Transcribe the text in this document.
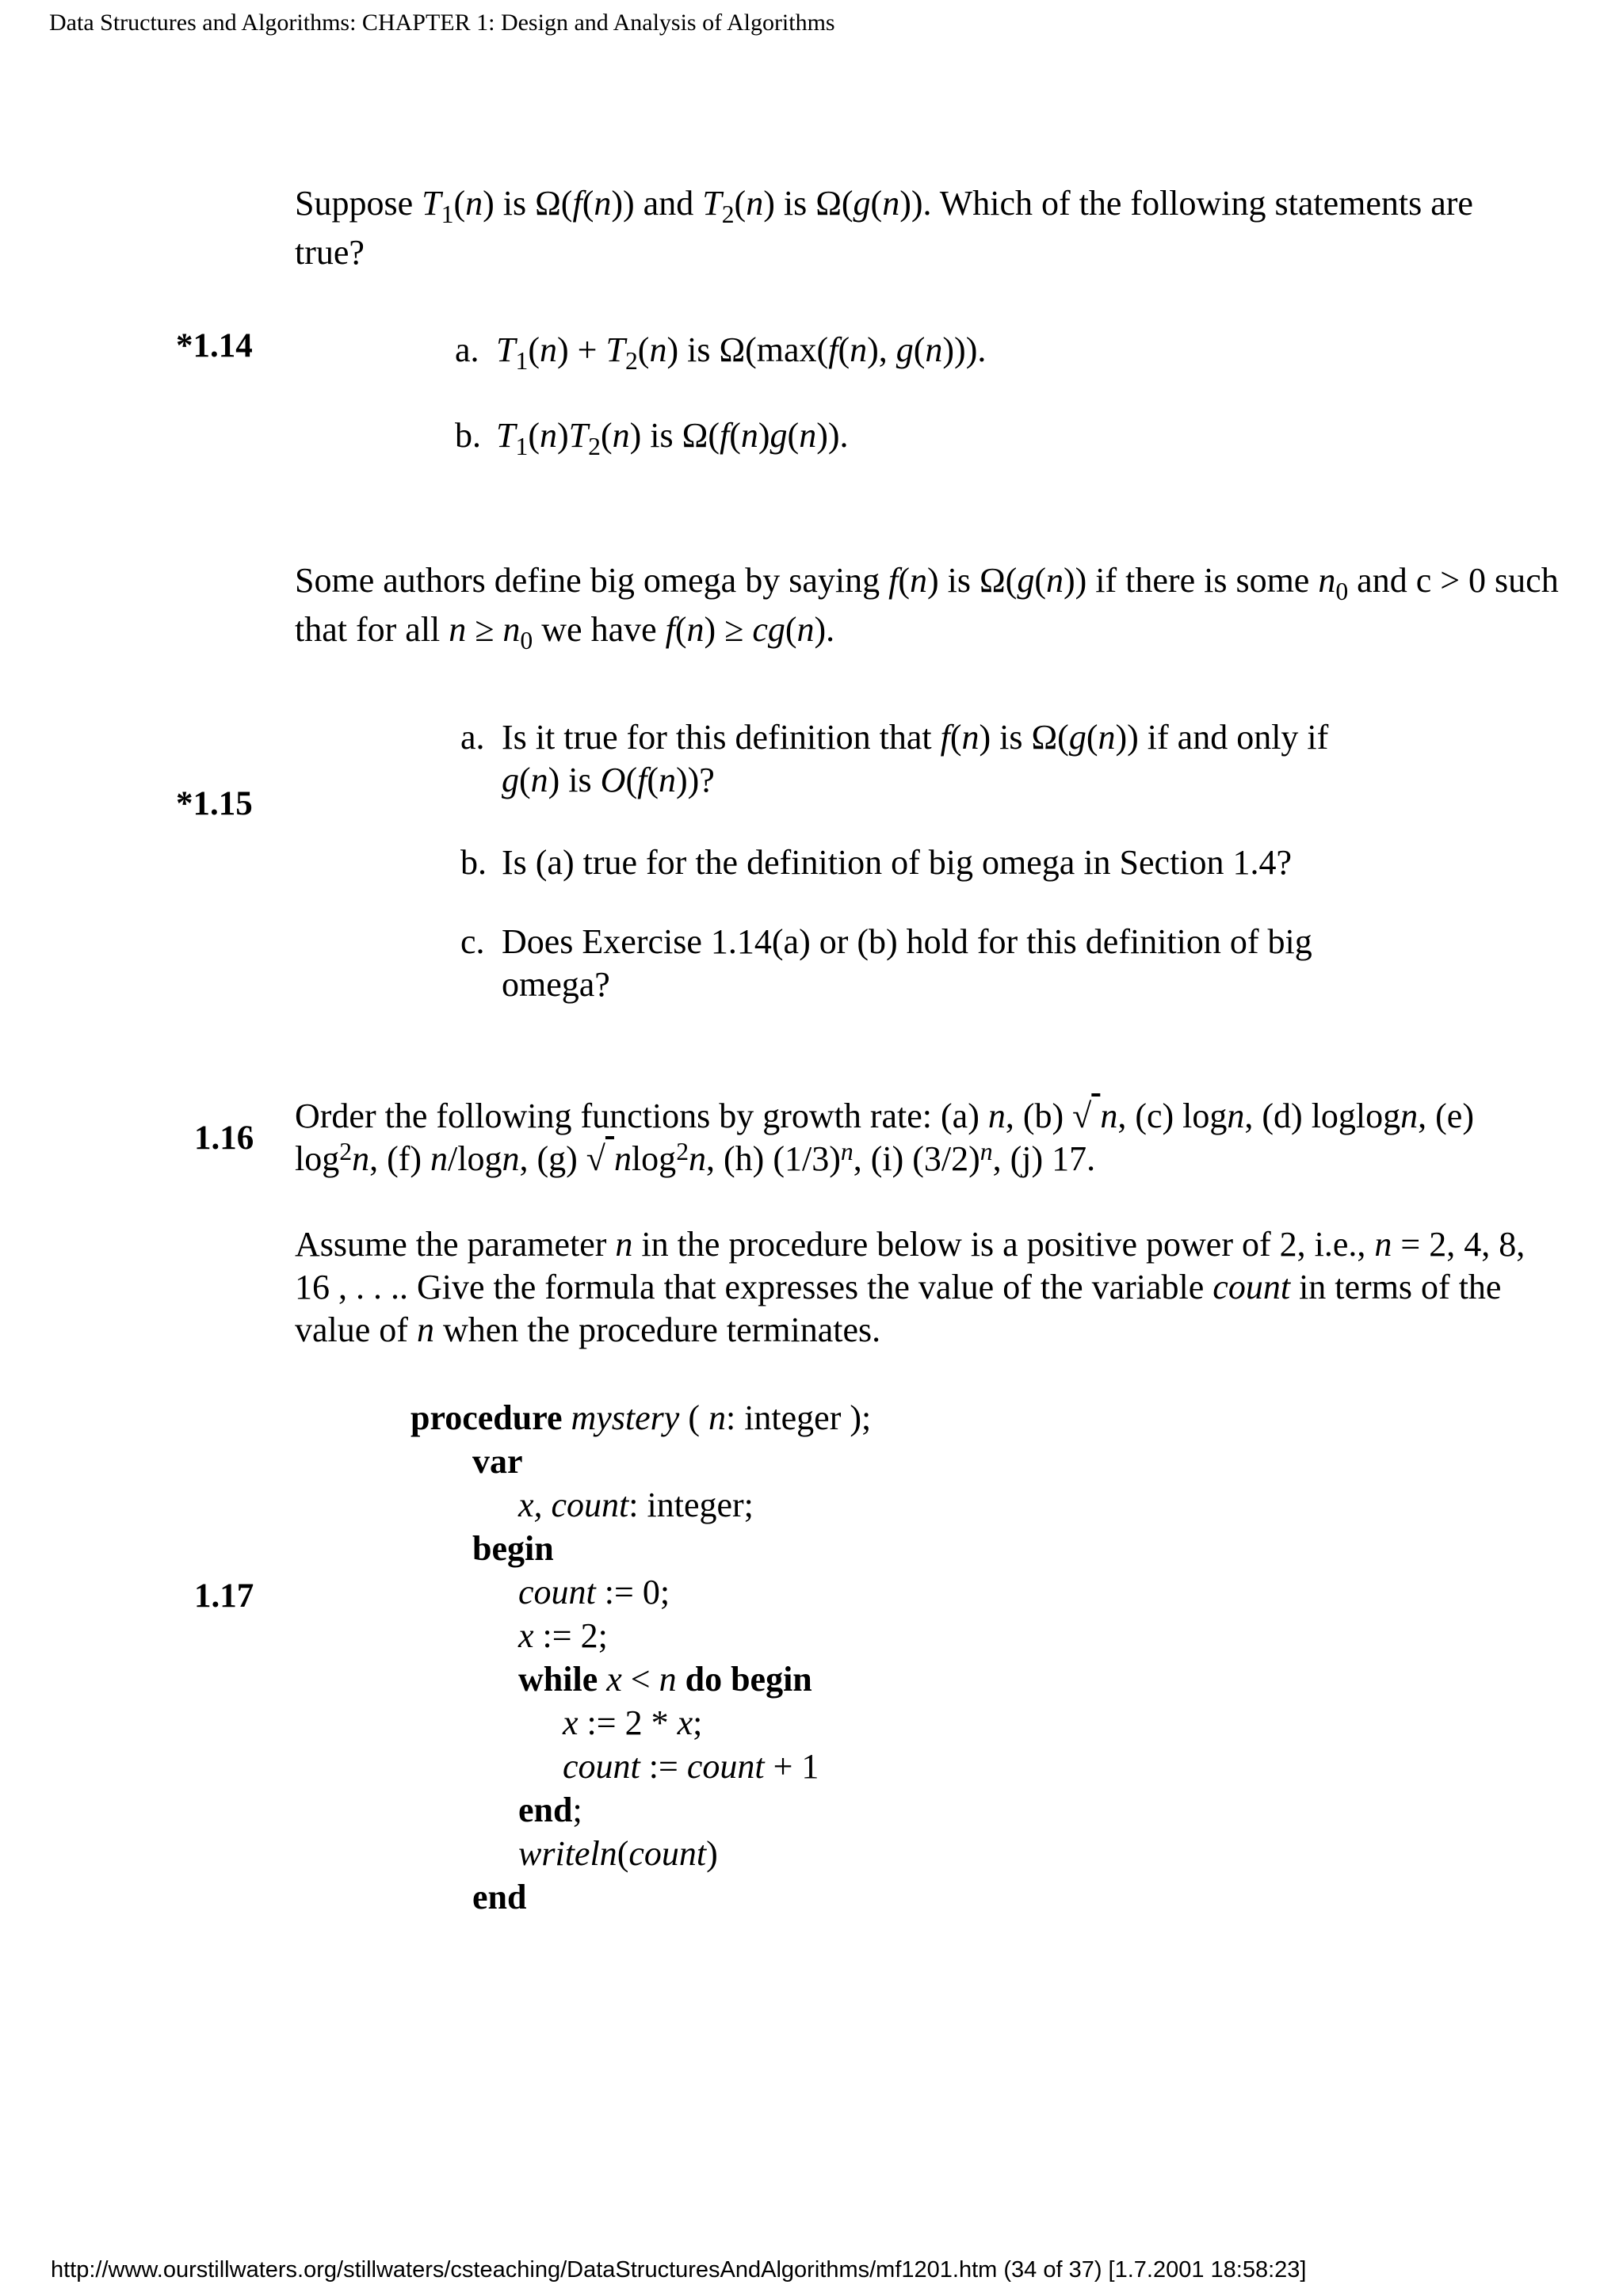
Data Structures and Algorithms: CHAPTER 1: Design and Analysis of Algorithms
Suppose $T_1(n)$ is Ω(f(n)) and $T_2(n)$ is Ω(g(n)). Which of the following statements are true?
*1.14	a. $T_1(n) + T_2(n)$ is Ω(max(f(n), g(n))).
b. $T_1(n)T_2(n)$ is Ω(f(n)g(n)).
Some authors define big omega by saying f(n) is Ω(g(n)) if there is some $n_0$ and c > 0 such that for all $n \ge n_0$ we have f(n) ≥ cg(n).
*1.15
a. Is it true for this definition that f(n) is Ω(g(n)) if and only if g(n) is O(f(n))?
b. Is (a) true for the definition of big omega in Section 1.4?
c. Does Exercise 1.14(a) or (b) hold for this definition of big omega?
1.16
Order the following functions by growth rate: (a) n, (b) √ n, (c) logn, (d) loglogn, (e) $\log^2n$, (f) n/logn, (g) √ nlog$^2$n, (h) $(1/3)^n$, (i) $(3/2)^n$, (j) 17.
Assume the parameter n in the procedure below is a positive power of 2, i.e., n = 2, 4, 8, 16 , . . .. Give the formula that expresses the value of the variable count in terms of the value of n when the procedure terminates.
1.17
procedure mystery ( n: integer );
var
x, count: integer;
begin
count := 0;
x := 2;
while x < n do begin
x := 2 * x;
count := count + 1
end;
writeln(count)
end
http://www.ourstillwaters.org/stillwaters/csteaching/DataStructuresAndAlgorithms/mf1201.htm (34 of 37) [1.7.2001 18:58:23]
